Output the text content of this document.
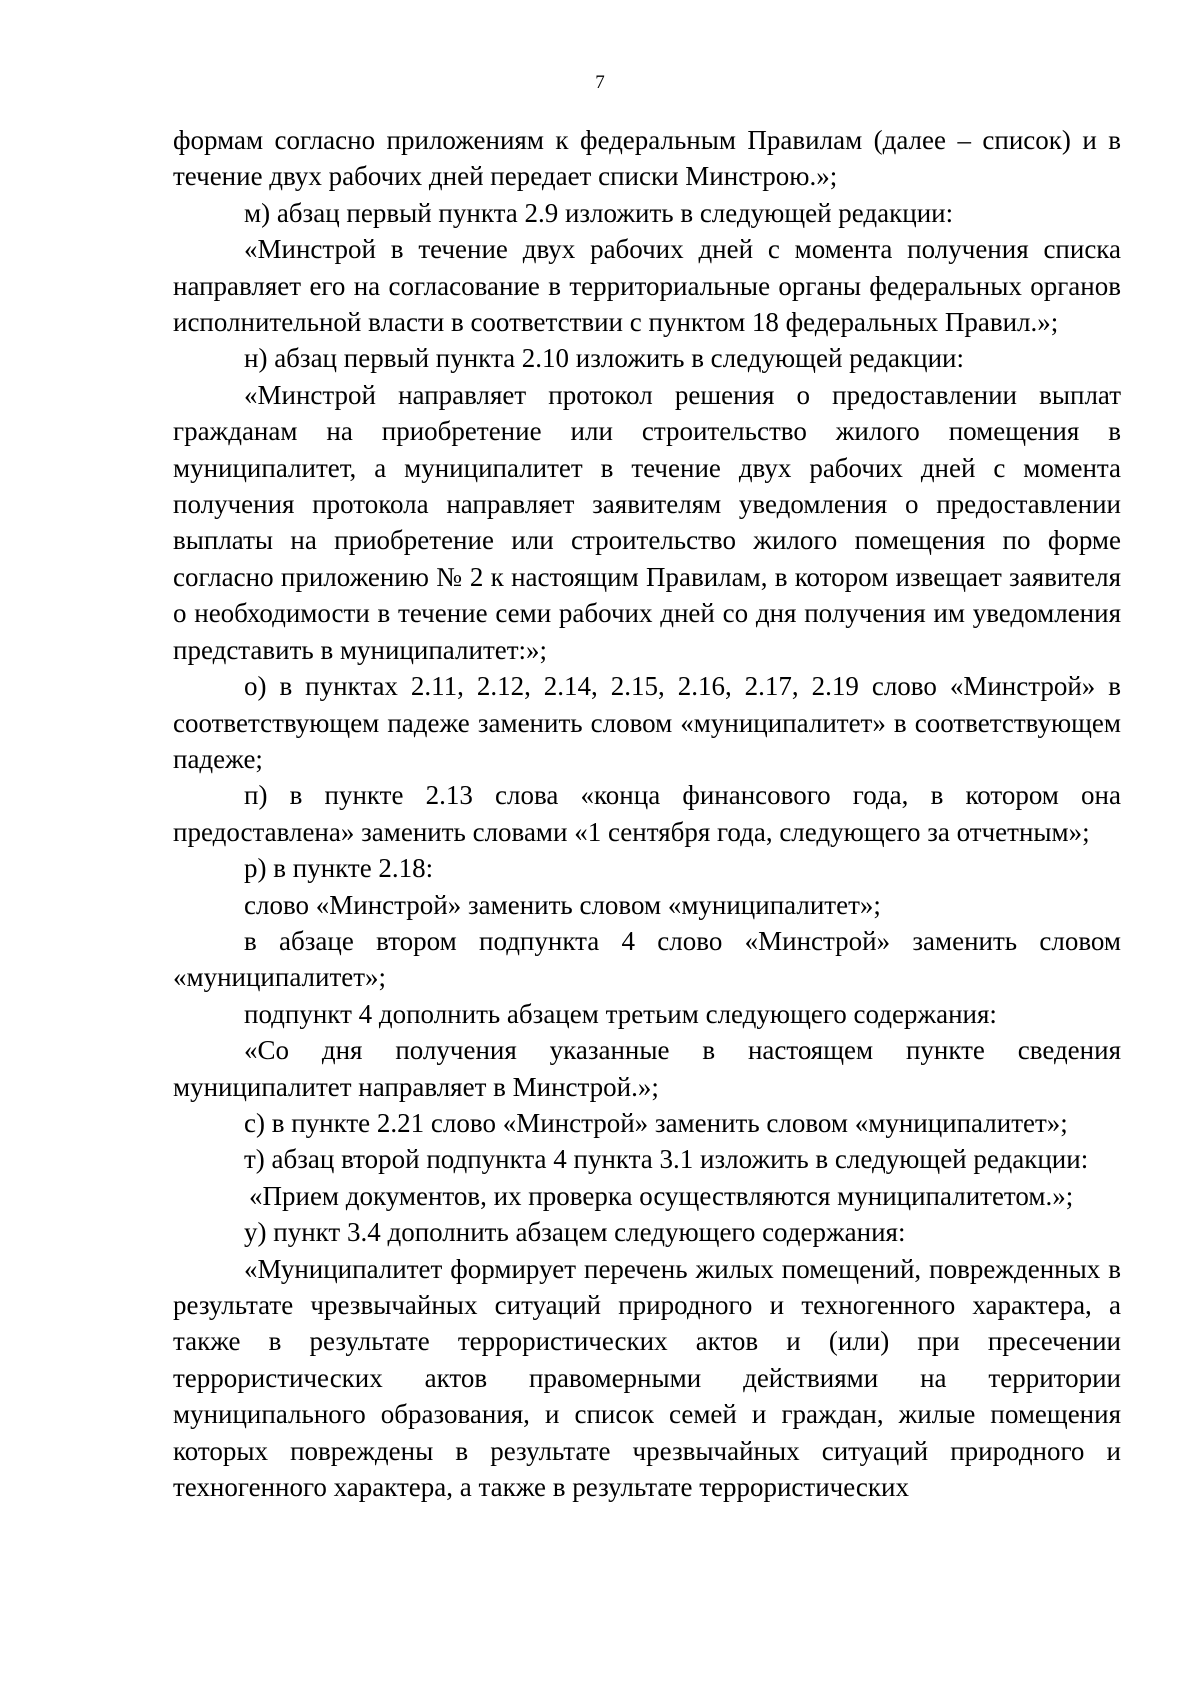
7

формам согласно приложениям к федеральным Правилам (далее – список) и в течение двух рабочих дней передает списки Минстрою.»;

м) абзац первый пункта 2.9 изложить в следующей редакции:

«Минстрой в течение двух рабочих дней с момента получения списка направляет его на согласование в территориальные органы федеральных органов исполнительной власти в соответствии с пунктом 18 федеральных Правил.»;

н) абзац первый пункта 2.10 изложить в следующей редакции:

«Минстрой направляет протокол решения о предоставлении выплат гражданам на приобретение или строительство жилого помещения в муниципалитет, а муниципалитет в течение двух рабочих дней с момента получения протокола направляет заявителям уведомления о предоставлении выплаты на приобретение или строительство жилого помещения по форме согласно приложению № 2 к настоящим Правилам, в котором извещает заявителя о необходимости в течение семи рабочих дней со дня получения им уведомления представить в муниципалитет:»;

о) в пунктах 2.11, 2.12, 2.14, 2.15, 2.16, 2.17, 2.19 слово «Минстрой» в соответствующем падеже заменить словом «муниципалитет» в соответствующем падеже;

п) в пункте 2.13 слова «конца финансового года, в котором она предоставлена» заменить словами «1 сентября года, следующего за отчетным»;

р) в пункте 2.18:

слово «Минстрой» заменить словом «муниципалитет»;

в абзаце втором подпункта 4 слово «Минстрой» заменить словом «муниципалитет»;

подпункт 4 дополнить абзацем третьим следующего содержания:

«Со дня получения указанные в настоящем пункте сведения муниципалитет направляет в Минстрой.»;

с) в пункте 2.21 слово «Минстрой» заменить словом «муниципалитет»;

т) абзац второй подпункта 4 пункта 3.1 изложить в следующей редакции:

«Прием документов, их проверка осуществляются муниципалитетом.»;

у) пункт 3.4 дополнить абзацем следующего содержания:

«Муниципалитет формирует перечень жилых помещений, поврежденных в результате чрезвычайных ситуаций природного и техногенного характера, а также в результате террористических актов и (или) при пресечении террористических актов правомерными действиями на территории муниципального образования, и список семей и граждан, жилые помещения которых повреждены в результате чрезвычайных ситуаций природного и техногенного характера, а также в результате террористических
